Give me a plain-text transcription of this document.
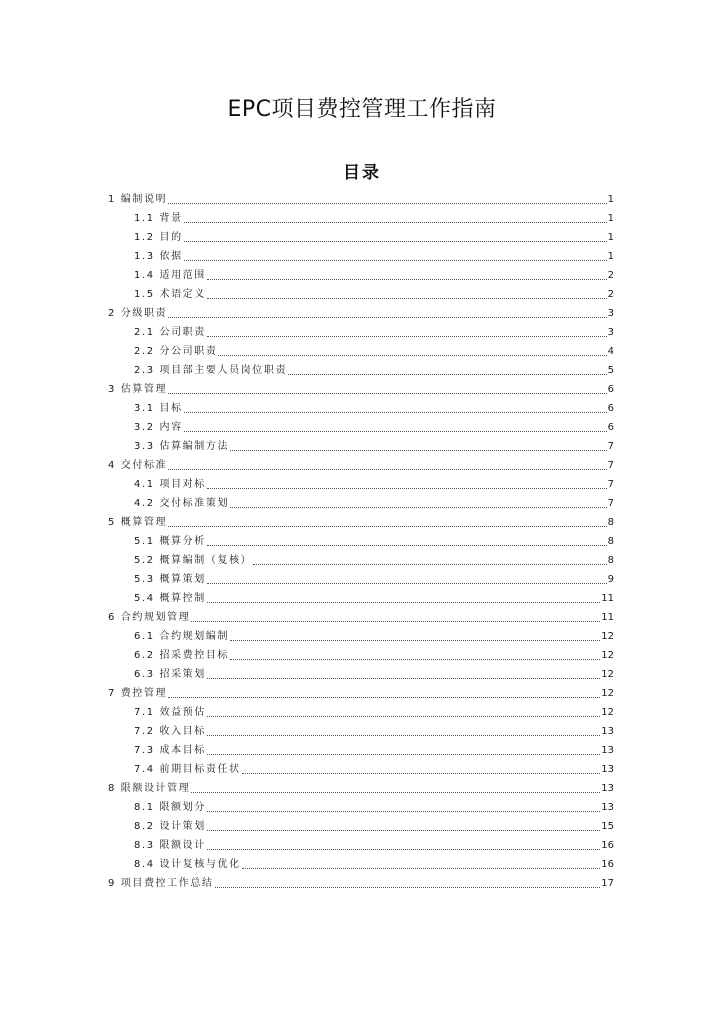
EPC项目费控管理工作指南
目录
1 编制说明	1
1.1 背景	1
1.2 目的	1
1.3 依据	1
1.4 适用范围	2
1.5 术语定义	2
2 分级职责	3
2.1 公司职责	3
2.2 分公司职责	4
2.3 项目部主要人员岗位职责	5
3 估算管理	6
3.1 目标	6
3.2 内容	6
3.3 估算编制方法	7
4 交付标准	7
4.1 项目对标	7
4.2 交付标准策划	7
5 概算管理	8
5.1 概算分析	8
5.2 概算编制（复核）	8
5.3 概算策划	9
5.4 概算控制	11
6 合约规划管理	11
6.1 合约规划编制	12
6.2 招采费控目标	12
6.3 招采策划	12
7 费控管理	12
7.1 效益预估	12
7.2 收入目标	13
7.3 成本目标	13
7.4 前期目标责任状	13
8 限额设计管理	13
8.1 限额划分	13
8.2 设计策划	15
8.3 限额设计	16
8.4 设计复核与优化	16
9 项目费控工作总结	17
